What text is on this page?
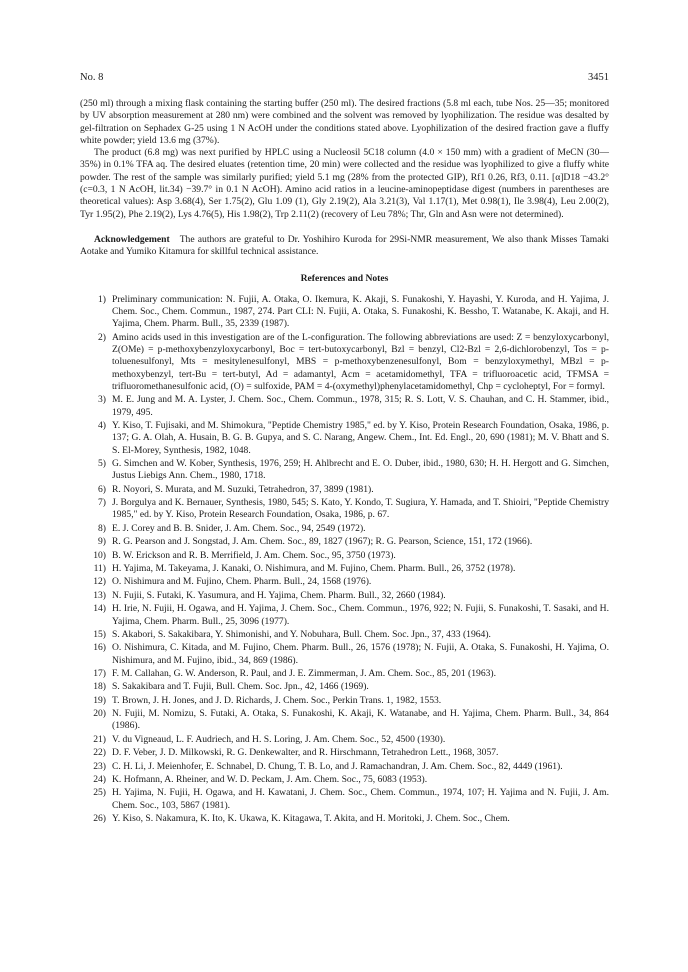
No. 8	3451

(250 ml) through a mixing flask containing the starting buffer (250 ml). The desired fractions (5.8 ml each, tube Nos. 25—35; monitored by UV absorption measurement at 280 nm) were combined and the solvent was removed by lyophilization. The residue was desalted by gel-filtration on Sephadex G-25 using 1 N AcOH under the conditions stated above. Lyophilization of the desired fraction gave a fluffy white powder; yield 13.6 mg (37%).

The product (6.8 mg) was next purified by HPLC using a Nucleosil 5C18 column (4.0 × 150 mm) with a gradient of MeCN (30—35%) in 0.1% TFA aq. The desired eluates (retention time, 20 min) were collected and the residue was lyophilized to give a fluffy white powder. The rest of the sample was similarly purified; yield 5.1 mg (28% from the protected GIP), Rf1 0.26, Rf3, 0.11. [α]D18 −43.2° (c=0.3, 1 N AcOH, lit.34) −39.7° in 0.1 N AcOH). Amino acid ratios in a leucine-aminopeptidase digest (numbers in parentheses are theoretical values): Asp 3.68(4), Ser 1.75(2), Glu 1.09 (1), Gly 2.19(2), Ala 3.21(3), Val 1.17(1), Met 0.98(1), Ile 3.98(4), Leu 2.00(2), Tyr 1.95(2), Phe 2.19(2), Lys 4.76(5), His 1.98(2), Trp 2.11(2) (recovery of Leu 78%; Thr, Gln and Asn were not determined).

Acknowledgement The authors are grateful to Dr. Yoshihiro Kuroda for 29Si-NMR measurement, We also thank Misses Tamaki Aotake and Yumiko Kitamura for skillful technical assistance.

References and Notes

1) Preliminary communication: N. Fujii, A. Otaka, O. Ikemura, K. Akaji, S. Funakoshi, Y. Hayashi, Y. Kuroda, and H. Yajima, J. Chem. Soc., Chem. Commun., 1987, 274. Part CLI: N. Fujii, A. Otaka, S. Funakoshi, K. Bessho, T. Watanabe, K. Akaji, and H. Yajima, Chem. Pharm. Bull., 35, 2339 (1987).
2) Amino acids used in this investigation are of the L-configuration. The following abbreviations are used: Z = benzyloxycarbonyl, Z(OMe) = p-methoxybenzyloxycarbonyl, Boc = tert-butoxycarbonyl, Bzl = benzyl, Cl2-Bzl = 2,6-dichlorobenzyl, Tos = p-toluenesulfonyl, Mts = mesitylenesulfonyl, MBS = p-methoxybenzenesulfonyl, Bom = benzyloxymethyl, MBzl = p-methoxybenzyl, tert-Bu = tert-butyl, Ad = adamantyl, Acm = acetamidomethyl, TFA = trifluoroacetic acid, TFMSA = trifluoromethanesulfonic acid, (O) = sulfoxide, PAM = 4-(oxymethyl)phenylacetamidomethyl, Chp = cycloheptyl, For = formyl.
3) M. E. Jung and M. A. Lyster, J. Chem. Soc., Chem. Commun., 1978, 315; R. S. Lott, V. S. Chauhan, and C. H. Stammer, ibid., 1979, 495.
4) Y. Kiso, T. Fujisaki, and M. Shimokura, "Peptide Chemistry 1985," ed. by Y. Kiso, Protein Research Foundation, Osaka, 1986, p. 137; G. A. Olah, A. Husain, B. G. B. Gupya, and S. C. Narang, Angew. Chem., Int. Ed. Engl., 20, 690 (1981); M. V. Bhatt and S. S. El-Morey, Synthesis, 1982, 1048.
5) G. Simchen and W. Kober, Synthesis, 1976, 259; H. Ahlbrecht and E. O. Duber, ibid., 1980, 630; H. H. Hergott and G. Simchen, Justus Liebigs Ann. Chem., 1980, 1718.
6) R. Noyori, S. Murata, and M. Suzuki, Tetrahedron, 37, 3899 (1981).
7) J. Borgulya and K. Bernauer, Synthesis, 1980, 545; S. Kato, Y. Kondo, T. Sugiura, Y. Hamada, and T. Shioiri, "Peptide Chemistry 1985," ed. by Y. Kiso, Protein Research Foundation, Osaka, 1986, p. 67.
8) E. J. Corey and B. B. Snider, J. Am. Chem. Soc., 94, 2549 (1972).
9) R. G. Pearson and J. Songstad, J. Am. Chem. Soc., 89, 1827 (1967); R. G. Pearson, Science, 151, 172 (1966).
10) B. W. Erickson and R. B. Merrifield, J. Am. Chem. Soc., 95, 3750 (1973).
11) H. Yajima, M. Takeyama, J. Kanaki, O. Nishimura, and M. Fujino, Chem. Pharm. Bull., 26, 3752 (1978).
12) O. Nishimura and M. Fujino, Chem. Pharm. Bull., 24, 1568 (1976).
13) N. Fujii, S. Futaki, K. Yasumura, and H. Yajima, Chem. Pharm. Bull., 32, 2660 (1984).
14) H. Irie, N. Fujii, H. Ogawa, and H. Yajima, J. Chem. Soc., Chem. Commun., 1976, 922; N. Fujii, S. Funakoshi, T. Sasaki, and H. Yajima, Chem. Pharm. Bull., 25, 3096 (1977).
15) S. Akabori, S. Sakakibara, Y. Shimonishi, and Y. Nobuhara, Bull. Chem. Soc. Jpn., 37, 433 (1964).
16) O. Nishimura, C. Kitada, and M. Fujino, Chem. Pharm. Bull., 26, 1576 (1978); N. Fujii, A. Otaka, S. Funakoshi, H. Yajima, O. Nishimura, and M. Fujino, ibid., 34, 869 (1986).
17) F. M. Callahan, G. W. Anderson, R. Paul, and J. E. Zimmerman, J. Am. Chem. Soc., 85, 201 (1963).
18) S. Sakakibara and T. Fujii, Bull. Chem. Soc. Jpn., 42, 1466 (1969).
19) T. Brown, J. H. Jones, and J. D. Richards, J. Chem. Soc., Perkin Trans. 1, 1982, 1553.
20) N. Fujii, M. Nomizu, S. Futaki, A. Otaka, S. Funakoshi, K. Akaji, K. Watanabe, and H. Yajima, Chem. Pharm. Bull., 34, 864 (1986).
21) V. du Vigneaud, L. F. Audriech, and H. S. Loring, J. Am. Chem. Soc., 52, 4500 (1930).
22) D. F. Veber, J. D. Milkowski, R. G. Denkewalter, and R. Hirschmann, Tetrahedron Lett., 1968, 3057.
23) C. H. Li, J. Meienhofer, E. Schnabel, D. Chung, T. B. Lo, and J. Ramachandran, J. Am. Chem. Soc., 82, 4449 (1961).
24) K. Hofmann, A. Rheiner, and W. D. Peckam, J. Am. Chem. Soc., 75, 6083 (1953).
25) H. Yajima, N. Fujii, H. Ogawa, and H. Kawatani, J. Chem. Soc., Chem. Commun., 1974, 107; H. Yajima and N. Fujii, J. Am. Chem. Soc., 103, 5867 (1981).
26) Y. Kiso, S. Nakamura, K. Ito, K. Ukawa, K. Kitagawa, T. Akita, and H. Moritoki, J. Chem. Soc., Chem.
